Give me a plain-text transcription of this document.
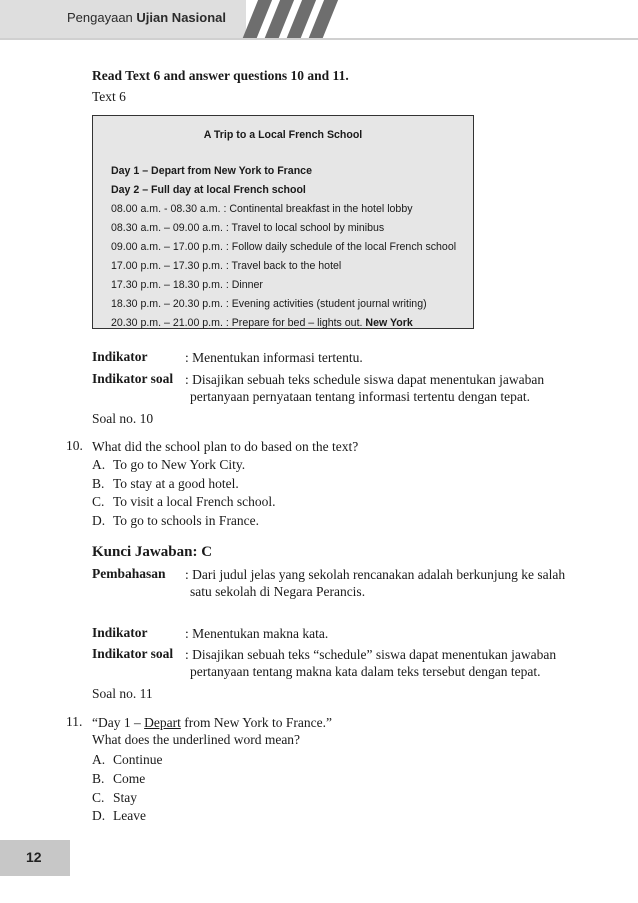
Pengayaan Ujian Nasional
Read Text 6 and answer questions 10 and 11.
Text 6
A Trip to a Local French School
Day 1 – Depart from New York to France
Day 2 – Full day at local French school
08.00 a.m. - 08.30 a.m. : Continental breakfast in the hotel lobby
08.30 a.m. – 09.00 a.m. : Travel to local school by minibus
09.00 a.m. – 17.00 p.m. : Follow daily schedule of the local French school
17.00 p.m. – 17.30 p.m. : Travel back to the hotel
17.30 p.m. – 18.30 p.m. : Dinner
18.30 p.m. – 20.30 p.m. : Evening activities (student journal writing)
20.30 p.m. – 21.00 p.m. : Prepare for bed – lights out. New York
Indikator	: Menentukan informasi tertentu.
Indikator soal : Disajikan sebuah teks schedule siswa dapat menentukan jawaban
pertanyaan pernyataan tentang informasi tertentu dengan tepat.
Soal no. 10
10. What did the school plan to do based on the text?
A. To go to New York City.
B. To stay at a good hotel.
C. To visit a local French school.
D. To go to schools in France.
Kunci Jawaban: C
Pembahasan : Dari judul jelas yang sekolah rencanakan adalah berkunjung ke salah
satu sekolah di Negara Perancis.
Indikator	: Menentukan makna kata.
Indikator soal : Disajikan sebuah teks “schedule” siswa dapat menentukan jawaban
pertanyaan tentang makna kata dalam teks tersebut dengan tepat.
Soal no. 11
11. “Day 1 – Depart from New York to France.”
What does the underlined word mean?
A. Continue
B. Come
C. Stay
D. Leave
12
